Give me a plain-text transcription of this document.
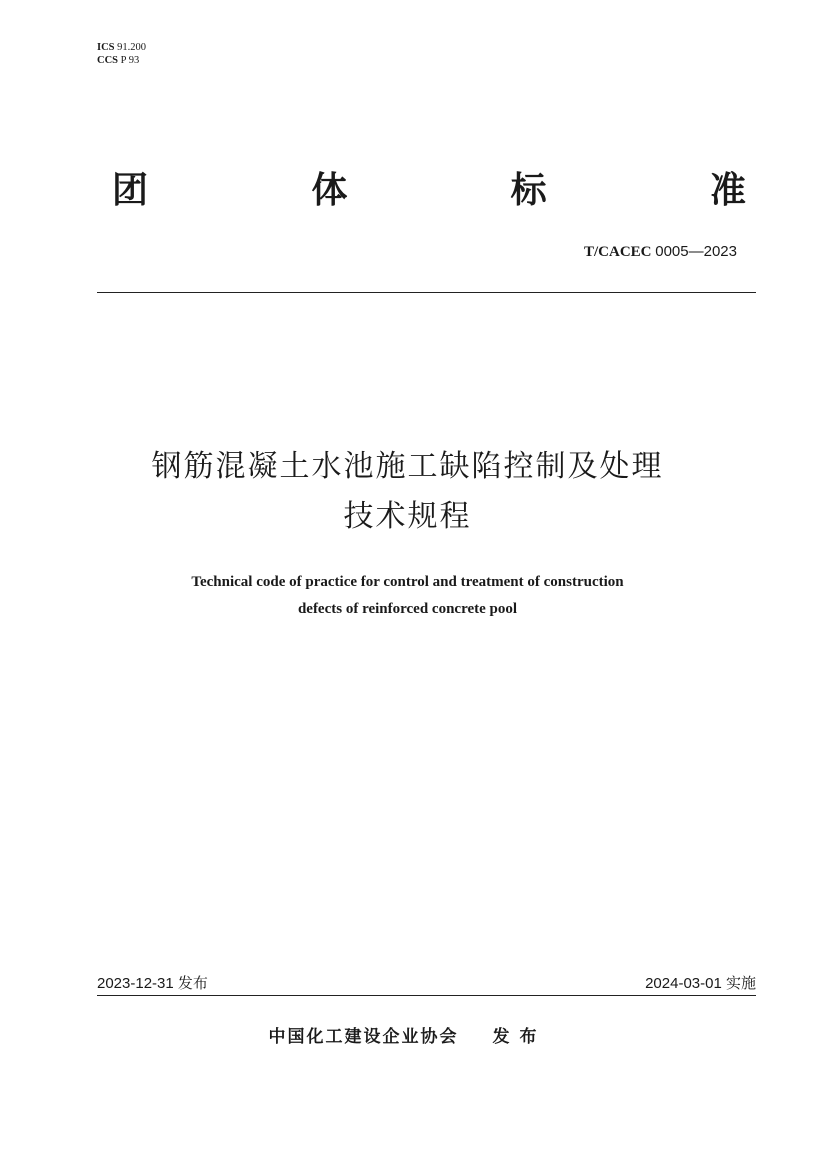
ICS 91.200
CCS P 93
团	体	标	准
T/CACEC 0005—2023
钢筋混凝土水池施工缺陷控制及处理
技术规程
Technical code of practice for control and treatment of construction
defects of reinforced concrete pool
2023-12-31 发布	2024-03-01 实施
中国化工建设企业协会 发布
